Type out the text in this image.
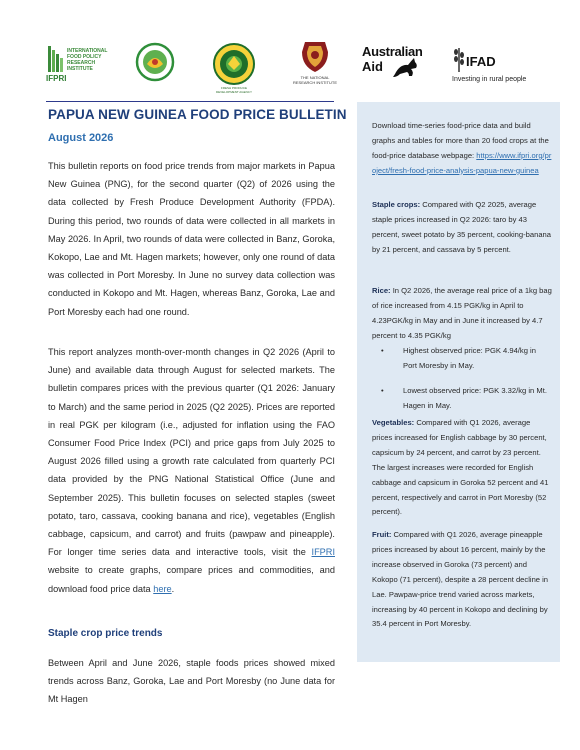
INTERNATIONAL
FOOD POLICY
RESEARCH
INSTITUTE
IFPRI
FRESH PRODUCE DEVELOPMENT AGENCY
THE NATIONAL
RESEARCH INSTITUTE
Australian
Aid	IFAD
Investing in rural people
PAPUA NEW GUINEA FOOD PRICE BULLETIN
August 2026

This bulletin reports on food price trends from major markets in Papua New Guinea (PNG), for the second quarter (Q2) of 2026 using the data collected by Fresh Produce Development Authority (FPDA). During this period, two rounds of data were collected in all markets in May 2026. In April, two rounds of data were collected in Banz, Goroka, Kokopo, Lae and Mt. Hagen markets; however, only one round of data was collected in Port Moresby. In June no survey data collection was conducted in Kokopo and Mt. Hagen, whereas Banz, Goroka, Lae and Port Moresby each had one round.

This report analyzes month-over-month changes in Q2 2026 (April to June) and available data through August for selected markets. The bulletin compares prices with the previous quarter (Q1 2026: January to March) and the same period in 2025 (Q2 2025). Prices are reported in real PGK per kilogram (i.e., adjusted for inflation using the FAO Consumer Food Price Index (PCI) and price gaps from July 2025 to August 2026 filled using a growth rate calculated from quarterly PCI data provided by the PNG National Statistical Office (June and September 2025). This bulletin focuses on selected staples (sweet potato, taro, cassava, cooking banana and rice), vegetables (English cabbage, capsicum, and carrot) and fruits (pawpaw and pineapple). For longer time series data and interactive tools, visit the IFPRI website to create graphs, compare prices and commodities, and download food price data here.

Staple crop price trends

Between April and June 2026, staple foods prices showed mixed trends across Banz, Goroka, Lae and Port Moresby (no June data for Mt Hagen

Download time-series food-price data and build graphs and tables for more than 20 food crops at the food-price database webpage: https://www.ifpri.org/project/fresh-food-price-analysis-papua-new-guinea

Staple crops: Compared with Q2 2025, average staple prices increased in Q2 2026: taro by 43 percent, sweet potato by 35 percent, cooking-banana by 21 percent, and cassava by 5 percent.

Rice: In Q2 2026, the average real price of a 1kg bag of rice increased from 4.15 PGK/kg in April to 4.23PGK/kg in May and in June it increased by 4.7 percent to 4.35 PGK/kg

•	Highest observed price: PGK 4.94/kg in Port Moresby in May.
•	Lowest observed price: PGK 3.32/kg in Mt. Hagen in May.

Vegetables: Compared with Q1 2026, average prices increased for English cabbage by 30 percent, capsicum by 24 percent, and carrot by 23 percent. The largest increases were recorded for English cabbage and capsicum in Goroka 52 percent and 41 percent, respectively and carrot in Port Moresby (52 percent).

Fruit: Compared with Q1 2026, average pineapple prices increased by about 16 percent, mainly by the increase observed in Goroka (73 percent) and Kokopo (71 percent), despite a 28 percent decline in Lae. Pawpaw-price trend varied across markets, increasing by 40 percent in Kokopo and declining by 35.4 percent in Port Moresby.
